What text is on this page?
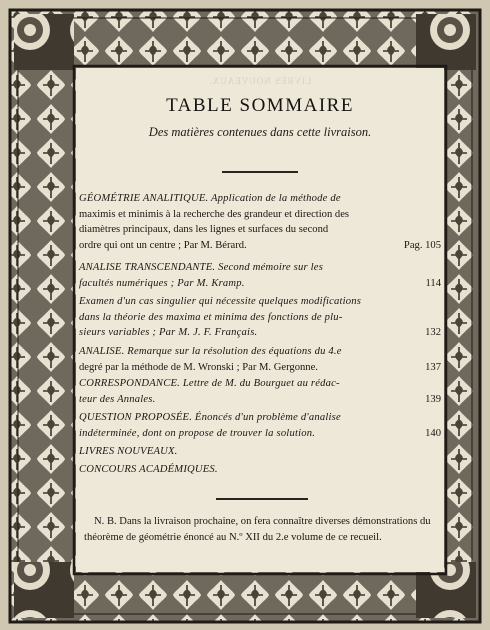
LIVRES NOUVEAUX.
TABLE SOMMAIRE
Des matières contenues dans cette livraison.
GÉOMÉTRIE ANALITIQUE. Application de la méthode de
maximis et minimis à la recherche des grandeur et direction des
diamètres principaux, dans les lignes et surfaces du second
ordre qui ont un centre ; Par M. Bérard.	Pag. 105
ANALISE TRANSCENDANTE. Second mémoire sur les
facultés numériques ; Par M. Kramp.	114
Examen d'un cas singulier qui nécessite quelques modifications
dans la théorie des maxima et minima des fonctions de plu-
sieurs variables ; Par M. J. F. Français.	132
ANALISE. Remarque sur la résolution des équations du 4.e
degré par la méthode de M. Wronski ; Par M. Gergonne.	137
CORRESPONDANCE. Lettre de M. du Bourguet au rédac-
teur des Annales.	139
QUESTION PROPOSÉE. Énoncés d'un problème d'analise
indéterminée, dont on propose de trouver la solution.	140
LIVRES NOUVEAUX.
CONCOURS ACADÉMIQUES.
N. B. Dans la livraison prochaine, on fera connaître diverses démonstrations du théorème de géométrie énoncé au N.º XII du 2.e volume de ce recueil.
